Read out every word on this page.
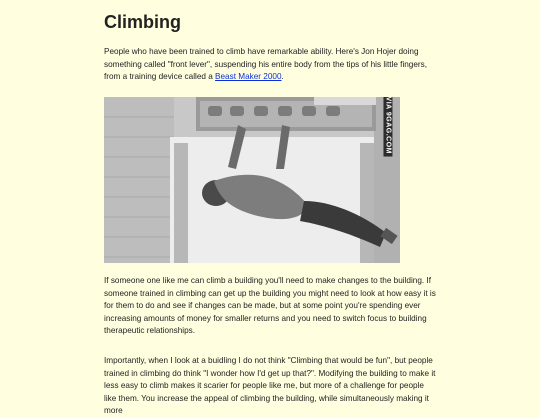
Climbing

People who have been trained to climb have remarkable ability. Here's Jon Hojer doing something called "front lever", suspending his entire body from the tips of his little fingers, from a training device called a Beast Maker 2000.

VIA 9GAG.COM

If someone one like me can climb a building you'll need to make changes to the building. If someone trained in climbing can get up the building you might need to look at how easy it is for them to do and see if changes can be made, but at some point you're spending ever increasing amounts of money for smaller returns and you need to switch focus to building therapeutic relationships.

Importantly, when I look at a buidling I do not think "Climbing that would be fun", but people trained in climbing do think "I wonder how I'd get up that?". Modifying the building to make it less easy to climb makes it scarier for people like me, but more of a challenge for people like them. You increase the appeal of climbing the building, while simultaneously making it more
